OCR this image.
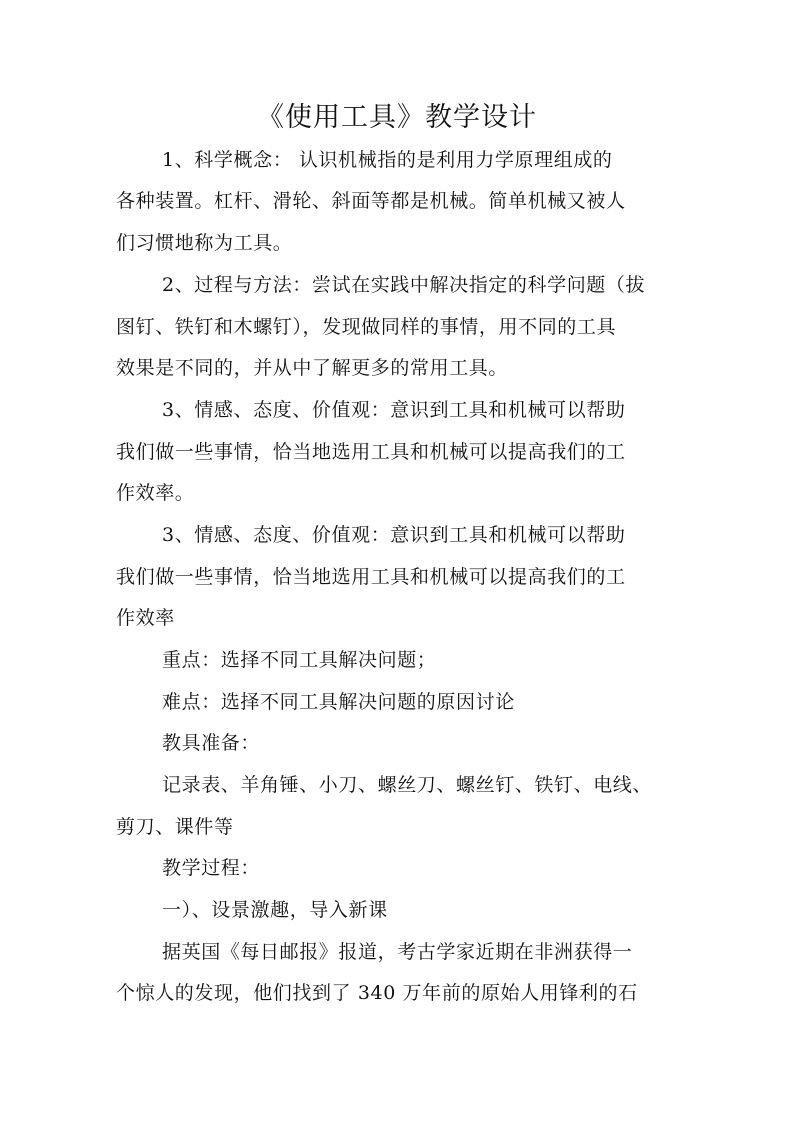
《使用工具》教学设计
1、科学概念： 认识机械指的是利用力学原理组成的
各种装置。杠杆、滑轮、斜面等都是机械。简单机械又被人
们习惯地称为工具。
2、过程与方法：尝试在实践中解决指定的科学问题（拔
图钉、铁钉和木螺钉），发现做同样的事情，用不同的工具
效果是不同的，并从中了解更多的常用工具。
3、情感、态度、价值观：意识到工具和机械可以帮助
我们做一些事情，恰当地选用工具和机械可以提高我们的工
作效率。
3、情感、态度、价值观：意识到工具和机械可以帮助
我们做一些事情，恰当地选用工具和机械可以提高我们的工
作效率
重点：选择不同工具解决问题；
难点：选择不同工具解决问题的原因讨论
教具准备：
记录表、羊角锤、小刀、螺丝刀、螺丝钉、铁钉、电线、
剪刀、课件等
教学过程：
一）、设景激趣，导入新课
据英国《每日邮报》报道，考古学家近期在非洲获得一
个惊人的发现，他们找到了 340 万年前的原始人用锋利的石
